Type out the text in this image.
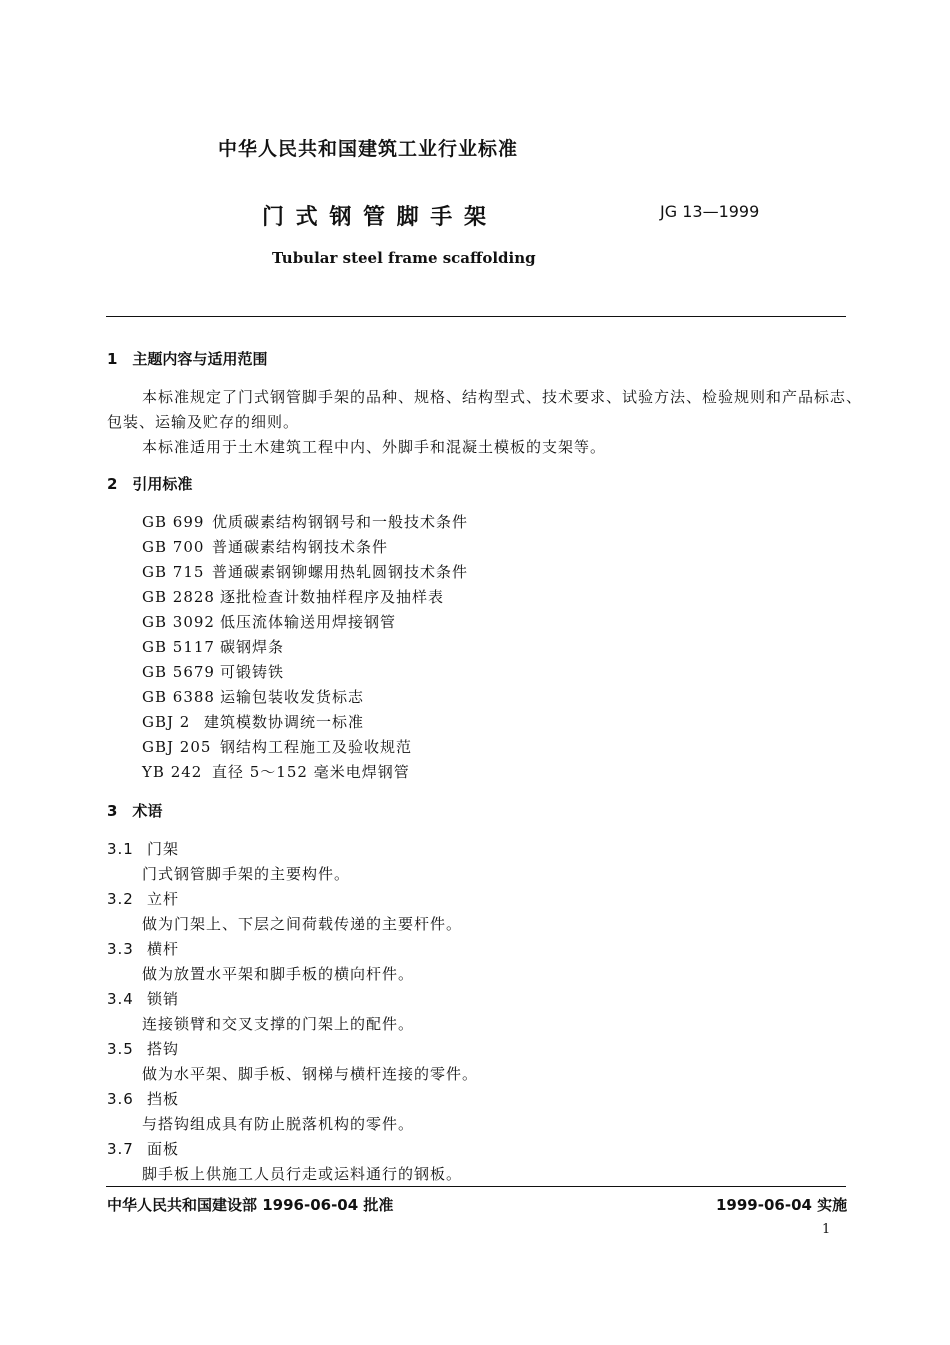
中华人民共和国建筑工业行业标准
门 式 钢 管 脚 手 架	JG 13—1999
Tubular steel frame scaffolding
1　主题内容与适用范围
本标准规定了门式钢管脚手架的品种、规格、结构型式、技术要求、试验方法、检验规则和产品标志、
包装、运输及贮存的细则。
本标准适用于土木建筑工程中内、外脚手和混凝土模板的支架等。
2　引用标准
GB 699 优质碳素结构钢钢号和一般技术条件
GB 700 普通碳素结构钢技术条件
GB 715 普通碳素钢铆螺用热轧圆钢技术条件
GB 2828 逐批检查计数抽样程序及抽样表
GB 3092 低压流体输送用焊接钢管
GB 5117 碳钢焊条
GB 5679 可锻铸铁
GB 6388 运输包装收发货标志
GBJ 2 建筑模数协调统一标准
GBJ 205 钢结构工程施工及验收规范
YB 242 直径 5～152 毫米电焊钢管
3　术语
3.1 门架
门式钢管脚手架的主要构件。
3.2 立杆
做为门架上、下层之间荷载传递的主要杆件。
3.3 横杆
做为放置水平架和脚手板的横向杆件。
3.4 锁销
连接锁臂和交叉支撑的门架上的配件。
3.5 搭钩
做为水平架、脚手板、钢梯与横杆连接的零件。
3.6 挡板
与搭钩组成具有防止脱落机构的零件。
3.7 面板
脚手板上供施工人员行走或运料通行的钢板。
中华人民共和国建设部 1996-06-04 批准	1999-06-04 实施
1
